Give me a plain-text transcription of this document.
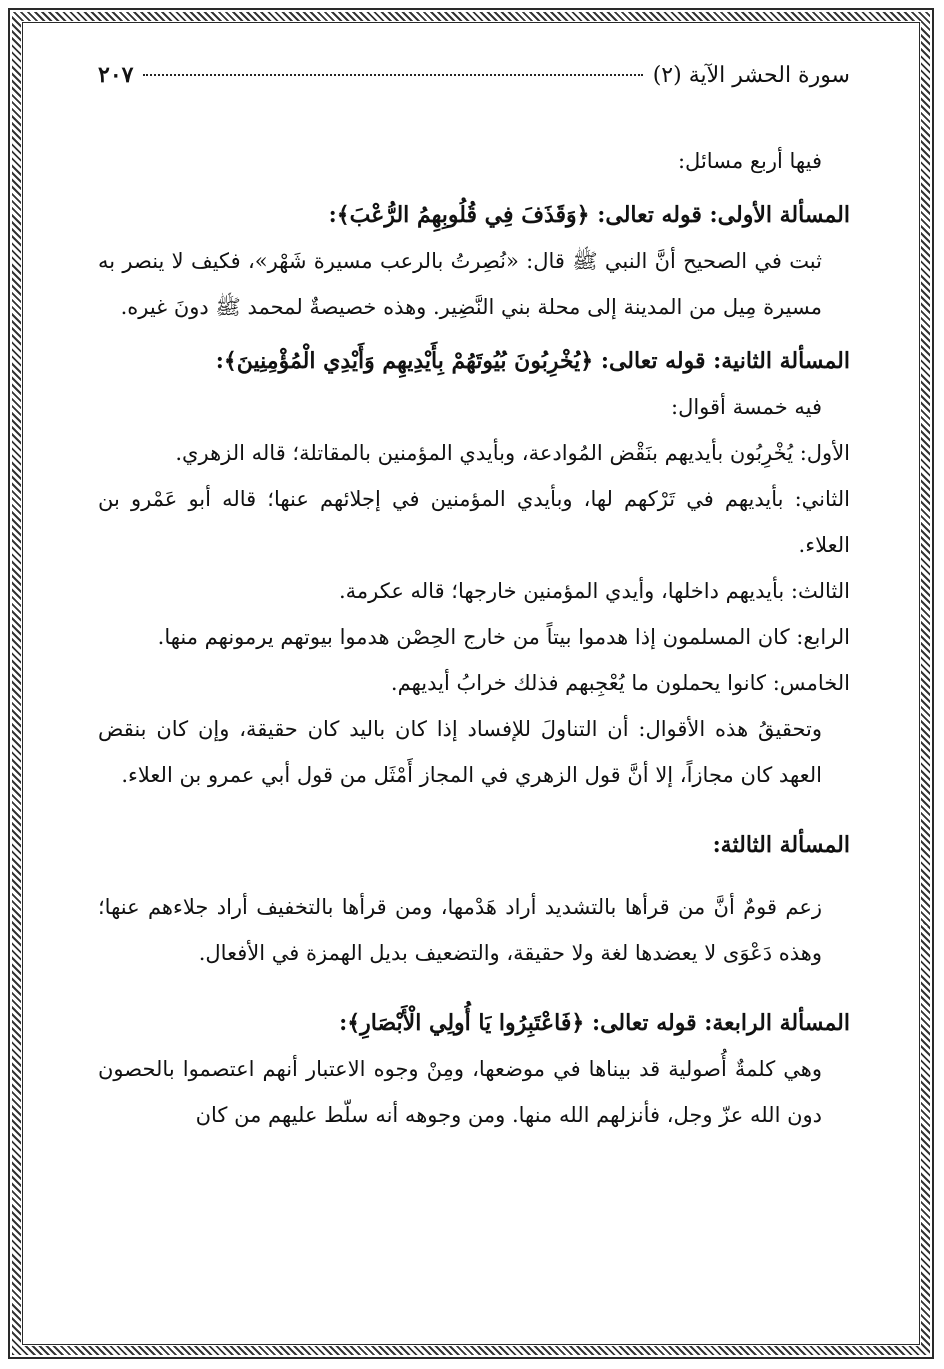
سورة الحشر الآية (٢)
٢٠٧

فيها أربع مسائل:

المسألة الأولى: قوله تعالى: ﴿وَقَذَفَ فِي قُلُوبِهِمُ الرُّعْبَ﴾:

ثبت في الصحيح أنَّ النبي ﷺ قال: «نُصِرتُ بالرعب مسيرة شَهْر»، فكيف لا ينصر به مسيرة مِيل من المدينة إلى محلة بني النَّضِير. وهذه خصيصةٌ لمحمد ﷺ دونَ غيره.

المسألة الثانية: قوله تعالى: ﴿يُخْرِبُونَ بُيُوتَهُمْ بِأَيْدِيهِم وَأَيْدِي الْمُؤْمِنِينَ﴾:

فيه خمسة أقوال:

الأول: يُخْرِبُون بأيديهم بنَقْض المُوادعة، وبأيدي المؤمنين بالمقاتلة؛ قاله الزهري.

الثاني: بأيديهم في تَرْكهم لها، وبأيدي المؤمنين في إجلائهم عنها؛ قاله أبو عَمْرو بن العلاء.

الثالث: بأيديهم داخلها، وأيدي المؤمنين خارجها؛ قاله عكرمة.

الرابع: كان المسلمون إذا هدموا بيتاً من خارج الحِصْن هدموا بيوتهم يرمونهم منها.

الخامس: كانوا يحملون ما يُعْجِبهم فذلك خرابُ أيديهم.

وتحقيقُ هذه الأقوال: أن التناولَ للإفساد إذا كان باليد كان حقيقة، وإن كان بنقض العهد كان مجازاً، إلا أنَّ قول الزهري في المجاز أَمْثَل من قول أبي عمرو بن العلاء.

المسألة الثالثة:

زعم قومٌ أنَّ من قرأها بالتشديد أراد هَدْمها، ومن قرأها بالتخفيف أراد جلاءهم عنها؛ وهذه دَعْوَى لا يعضدها لغة ولا حقيقة، والتضعيف بديل الهمزة في الأفعال.

المسألة الرابعة: قوله تعالى: ﴿فَاعْتَبِرُوا يَا أُولِي الْأَبْصَارِ﴾:

وهي كلمةٌ أُصولية قد بيناها في موضعها، ومِنْ وجوه الاعتبار أنهم اعتصموا بالحصون دون الله عزّ وجل، فأنزلهم الله منها. ومن وجوهه أنه سلّط عليهم من كان
